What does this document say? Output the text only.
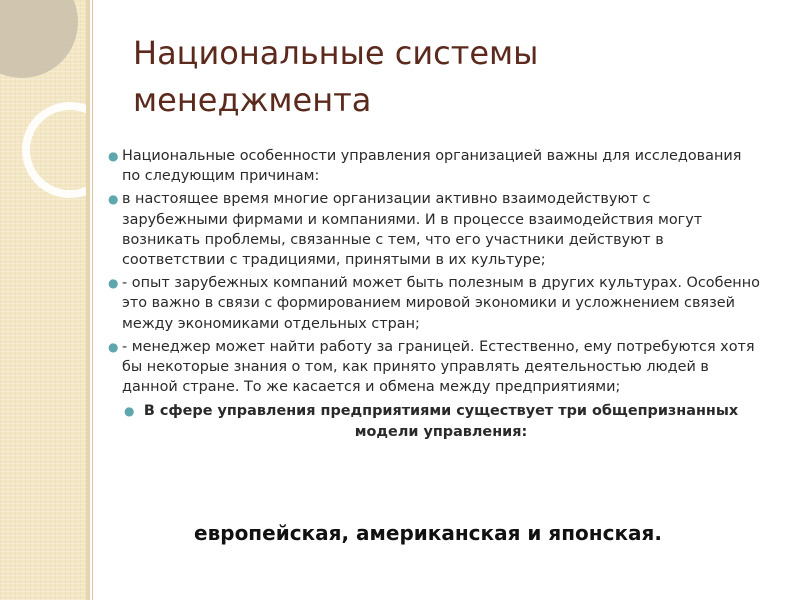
Национальные системы
менеджмента
● Национальные особенности управления организацией важны для исследования по следующим причинам:
● в настоящее время многие организации активно взаимодействуют с зарубежными фирмами и компаниями. И в процессе взаимодействия могут возникать проблемы, связанные с тем, что его участники действуют в соответствии с традициями, принятыми в их культуре;
● - опыт зарубежных компаний может быть полезным в других культурах. Особенно это важно в связи с формированием мировой экономики и усложнением связей между экономиками отдельных стран;
● - менеджер может найти работу за границей. Естественно, ему потребуются хотя бы некоторые знания о том, как принято управлять деятельностью людей в данной стране. То же касается и обмена между предприятиями;
● В сфере управления предприятиями существует три общепризнанных модели управления:
европейская, американская и японская.
